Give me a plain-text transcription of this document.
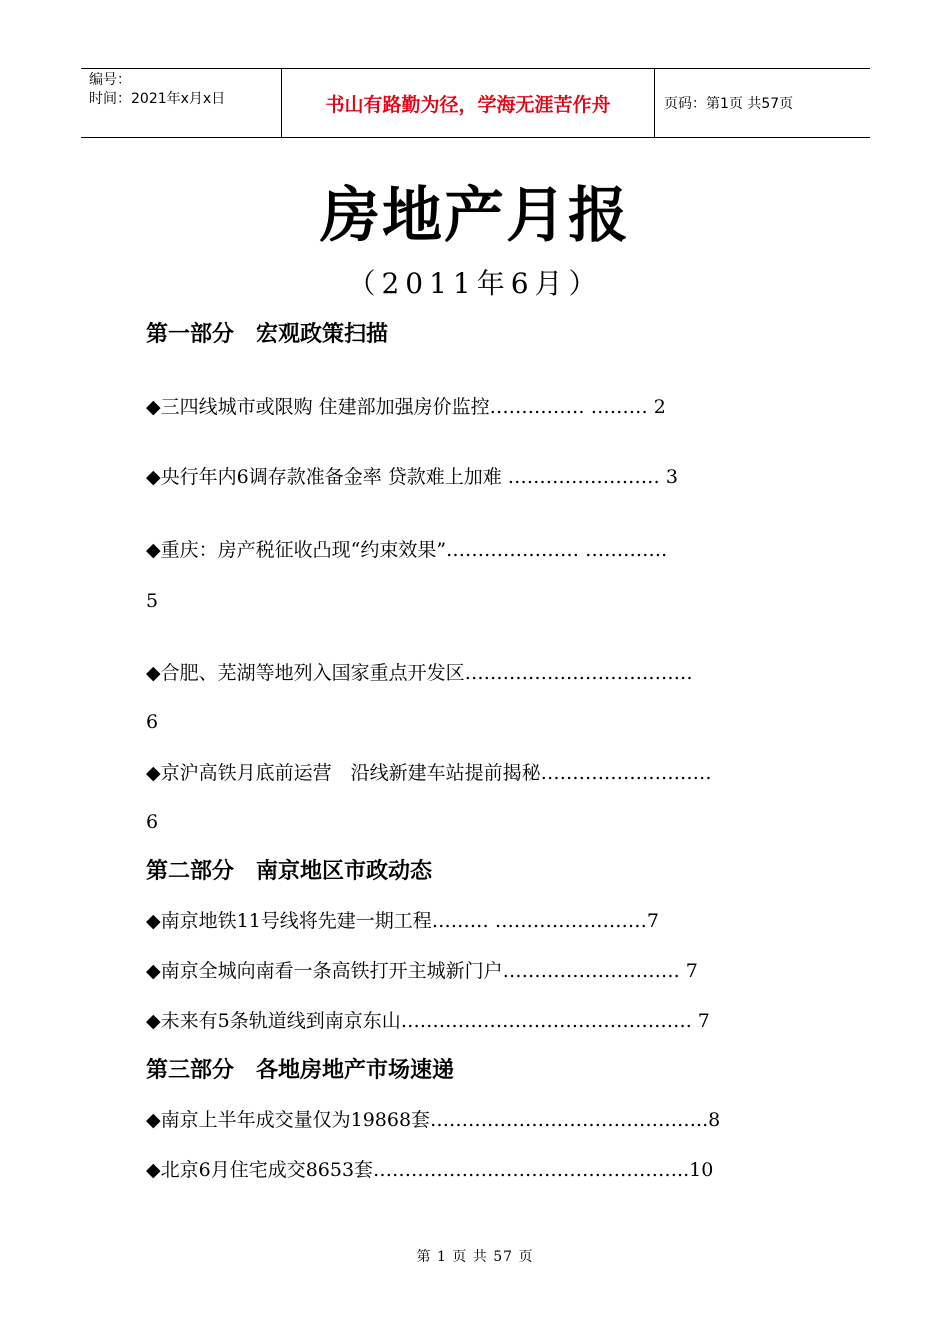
编号：
时间：2021年x月x日	书山有路勤为径，学海无涯苦作舟	页码：第1页 共57页
房地产月报
（2011年6月）
第一部分　宏观政策扫描
◆三四线城市或限购 住建部加强房价监控…………… ……… 2
◆央行年内6调存款准备金率 贷款难上加难 …………………… 3
◆重庆：房产税征收凸现“约束效果”………………… ………….
5
◆合肥、芜湖等地列入国家重点开发区………………………………
6
◆京沪高铁月底前运营　沿线新建车站提前揭秘………………………
6
第二部分　南京地区市政动态
◆南京地铁11号线将先建一期工程……… ……………………7
◆南京全城向南看一条高铁打开主城新门户………………………. 7
◆未来有5条轨道线到南京东山………………………………………. 7
第三部分　各地房地产市场速递
◆南京上半年成交量仅为19868套……………………………………..8
◆北京6月住宅成交8653套…………………………………………..10
第 1 页 共 57 页
